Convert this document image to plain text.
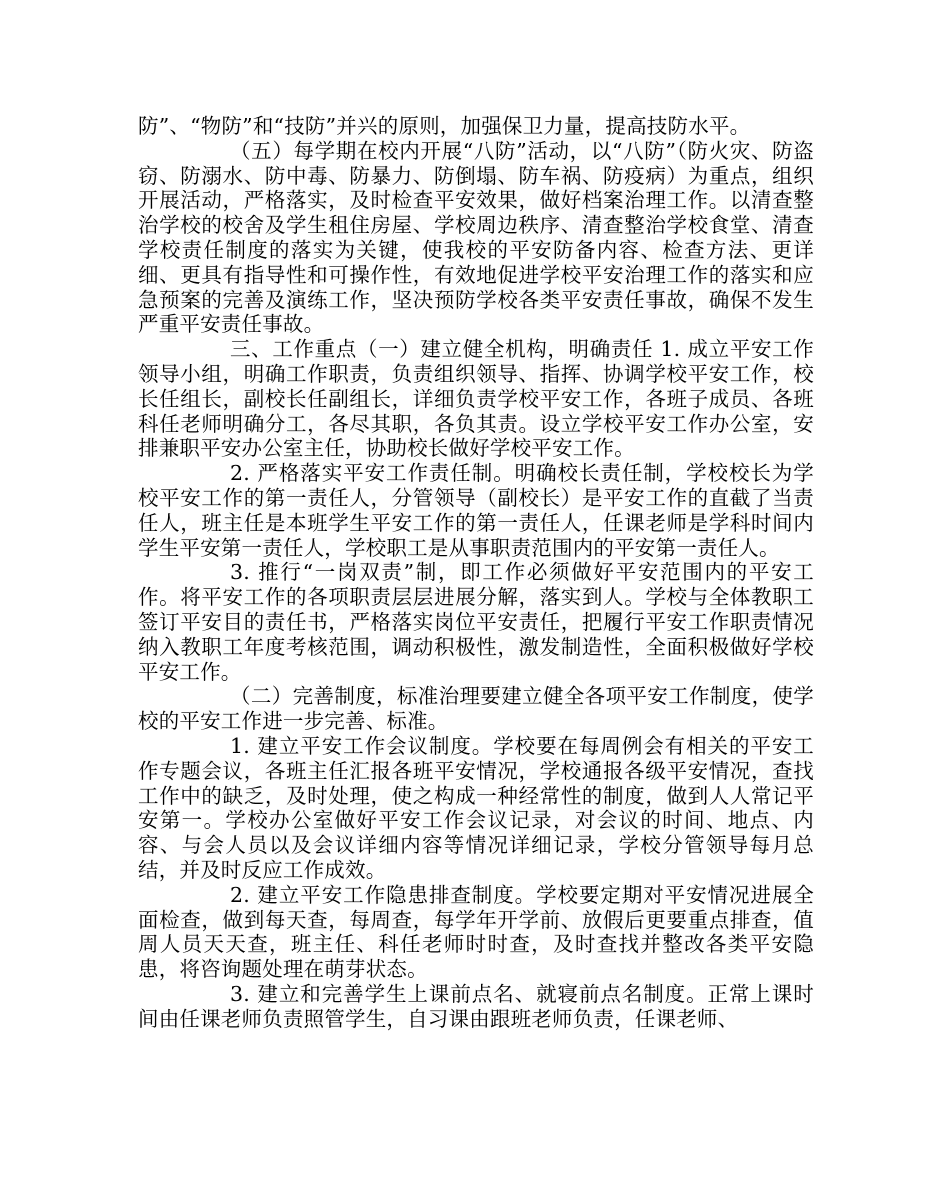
防”、“物防”和“技防”并兴的原则，加强保卫力量，提高技防水平。

（五）每学期在校内开展“八防”活动，以“八防”（防火灾、防盗窃、防溺水、防中毒、防暴力、防倒塌、防车祸、防疫病）为重点，组织开展活动，严格落实，及时检查平安效果，做好档案治理工作。以清查整治学校的校舍及学生租住房屋、学校周边秩序、清查整治学校食堂、清查学校责任制度的落实为关键，使我校的平安防备内容、检查方法、更详细、更具有指导性和可操作性，有效地促进学校平安治理工作的落实和应急预案的完善及演练工作，坚决预防学校各类平安责任事故，确保不发生严重平安责任事故。

三、工作重点（一）建立健全机构，明确责任 1. 成立平安工作领导小组，明确工作职责，负责组织领导、指挥、协调学校平安工作，校长任组长，副校长任副组长，详细负责学校平安工作，各班子成员、各班科任老师明确分工，各尽其职，各负其责。设立学校平安工作办公室，安排兼职平安办公室主任，协助校长做好学校平安工作。

2. 严格落实平安工作责任制。明确校长责任制，学校校长为学校平安工作的第一责任人，分管领导（副校长）是平安工作的直截了当责任人，班主任是本班学生平安工作的第一责任人，任课老师是学科时间内学生平安第一责任人，学校职工是从事职责范围内的平安第一责任人。

3. 推行“一岗双责”制，即工作必须做好平安范围内的平安工作。将平安工作的各项职责层层进展分解，落实到人。学校与全体教职工签订平安目的责任书，严格落实岗位平安责任，把履行平安工作职责情况纳入教职工年度考核范围，调动积极性，激发制造性，全面积极做好学校平安工作。

（二）完善制度，标准治理要建立健全各项平安工作制度，使学校的平安工作进一步完善、标准。

1. 建立平安工作会议制度。学校要在每周例会有相关的平安工作专题会议，各班主任汇报各班平安情况，学校通报各级平安情况，查找工作中的缺乏，及时处理，使之构成一种经常性的制度，做到人人常记平安第一。学校办公室做好平安工作会议记录，对会议的时间、地点、内容、与会人员以及会议详细内容等情况详细记录，学校分管领导每月总结，并及时反应工作成效。

2. 建立平安工作隐患排查制度。学校要定期对平安情况进展全面检查，做到每天查，每周查，每学年开学前、放假后更要重点排查，值周人员天天查，班主任、科任老师时时查，及时查找并整改各类平安隐患，将咨询题处理在萌芽状态。

3. 建立和完善学生上课前点名、就寝前点名制度。正常上课时间由任课老师负责照管学生，自习课由跟班老师负责，任课老师、
